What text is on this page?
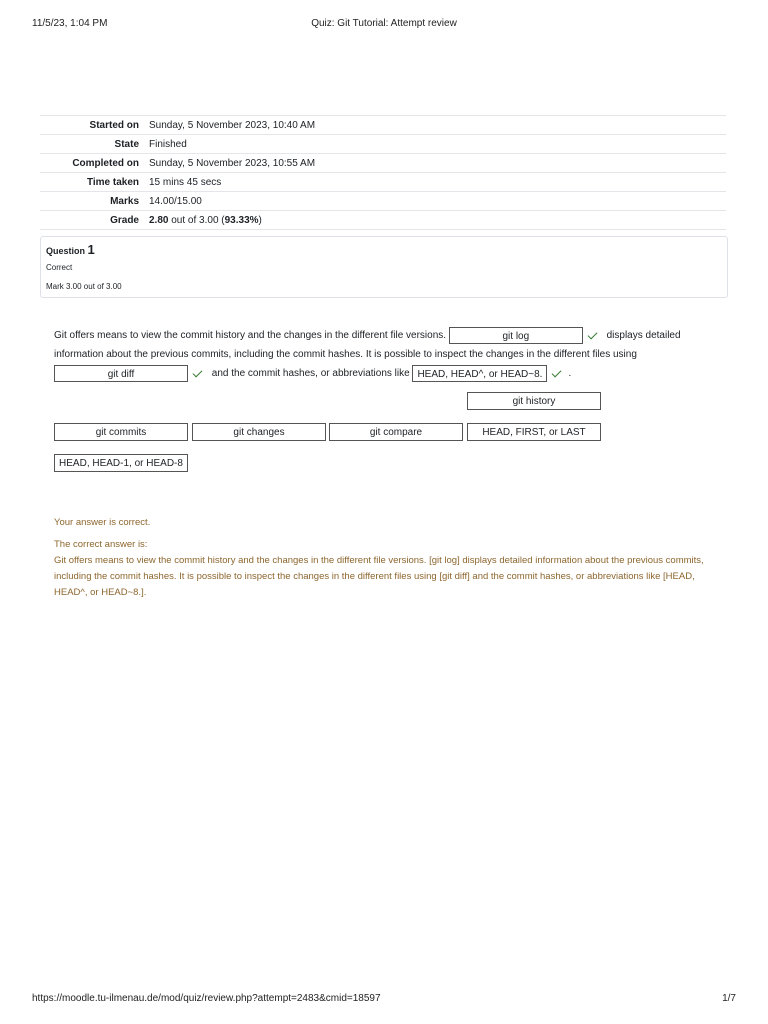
11/5/23, 1:04 PM	Quiz: Git Tutorial: Attempt review
Started on	Sunday, 5 November 2023, 10:40 AM
State	Finished
Completed on	Sunday, 5 November 2023, 10:55 AM
Time taken	15 mins 45 secs
Marks	14.00/15.00
Grade	2.80 out of 3.00 (93.33%)
Question 1
Correct
Mark 3.00 out of 3.00
Git offers means to view the commit history and the changes in the different file versions.	git log	displays detailed information about the previous commits, including the commit hashes. It is possible to inspect the changes in the different files using
git diff	and the commit hashes, or abbreviations like HEAD, HEAD^, or HEAD~8.	.
git history
git commits	git changes	git compare	HEAD, FIRST, or LAST
HEAD, HEAD-1, or HEAD-8
Your answer is correct.
The correct answer is:
Git offers means to view the commit history and the changes in the different file versions. [git log] displays detailed information about the previous commits, including the commit hashes. It is possible to inspect the changes in the different files using [git diff] and the commit hashes, or abbreviations like [HEAD, HEAD^, or HEAD~8.].
https://moodle.tu-ilmenau.de/mod/quiz/review.php?attempt=2483&cmid=18597	1/7
